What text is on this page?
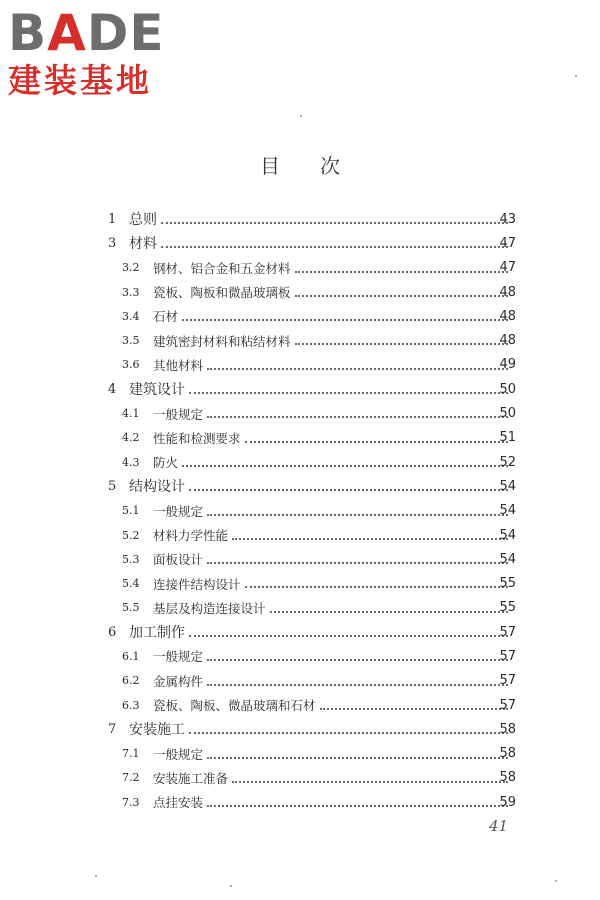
BADE
建装基地
目次
1 总则	43
3 材料	47
3.2 钢材、铝合金和五金材料	47
3.3 瓷板、陶板和微晶玻璃板	48
3.4 石材	48
3.5 建筑密封材料和粘结材料	48
3.6 其他材料	49
4 建筑设计	50
4.1 一般规定	50
4.2 性能和检测要求	51
4.3 防火	52
5 结构设计	54
5.1 一般规定	54
5.2 材料力学性能	54
5.3 面板设计	54
5.4 连接件结构设计	55
5.5 基层及构造连接设计	55
6 加工制作	57
6.1 一般规定	57
6.2 金属构件	57
6.3 瓷板、陶板、微晶玻璃和石材	57
7 安装施工	58
7.1 一般规定	58
7.2 安装施工准备	58
7.3 点挂安装	59
41
